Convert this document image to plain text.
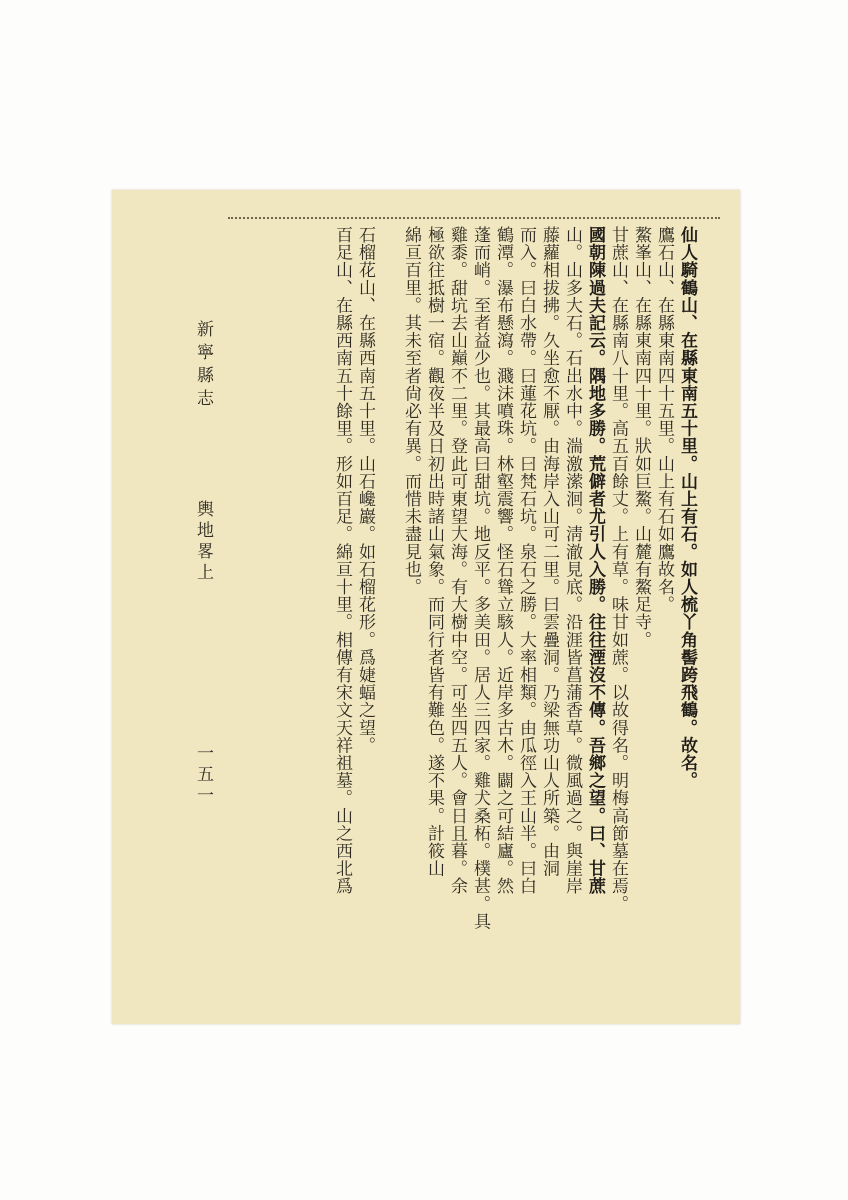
仙人騎鶴山、在縣東南五十里。山上有石。如人梳丫角髻跨飛鶴。故名。
鷹石山、在縣東南四十五里。山上有石如鷹故名。
鰲峯山、在縣東南四十里。狀如巨鰲。山麓有鰲足寺。
甘蔗山、在縣南八十里。高五百餘丈。上有草。味甘如蔗。以故得名。明梅高節墓在焉。
國朝陳過夫記云。隅地多勝。荒僻者尤引人入勝。往往湮沒不傳。吾鄉之望。曰、甘蔗
山。山多大石。石出水中。湍激潆洄。淸澈見底。沿涯皆菖蒲香草。微風過之。與崖岸
藤蘿相拔拂。久坐愈不厭。由海岸入山可二里。曰雲疊洞。乃梁無功山人所築。由洞
而入。曰白水帶。曰蓮花坑。曰梵石坑。泉石之勝。大率相類。由瓜徑入王山半。曰白
鶴潭。瀑布懸瀉。濺沫噴珠。林壑震響。怪石聳立駭人。近岸多古木。闢之可結廬。然
蓬而峭。至者益少也。其最高曰甜坑。地反平。多美田。居人三四家。雞犬桑柘。樸甚。具
雞黍。甜坑去山巔不二里。登此可東望大海。有大樹中空。可坐四五人。會日且暮。余
極欲往抵樹一宿。觀夜半及日初出時諸山氣象。而同行者皆有難色。遂不果。計筱山
綿亘百里。其未至者尙必有異。而惜未盡見也。
石榴花山、在縣西南五十里。山石巉巖。如石榴花形。爲婕蝠之望。
百足山、在縣西南五十餘里。形如百足。綿亘十里。相傳有宋文天祥祖墓。山之西北爲
新寧縣志
輿地畧上
一五一
